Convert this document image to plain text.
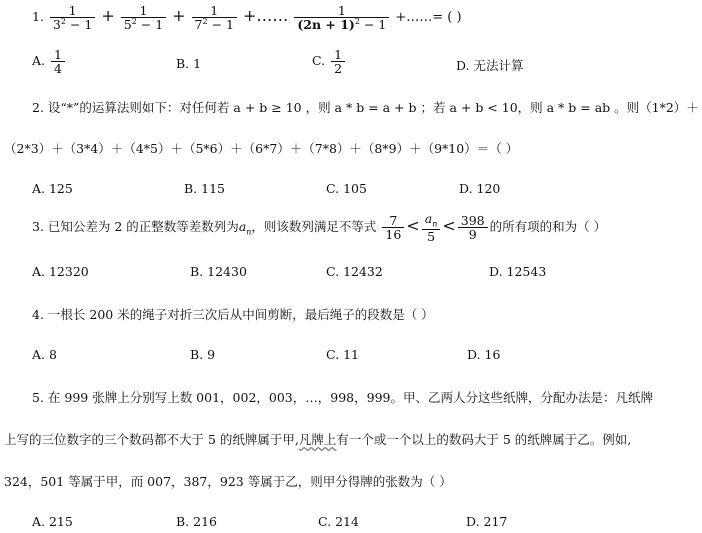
1. $\frac{1}{3^2 - 1} + \frac{1}{5^2 - 1} + \frac{1}{7^2 - 1}$ +…… $\frac{1}{(2n + 1)^2 - 1}$ +……= ( )
A. $\frac{1}{4}$	B. 1	C. $\frac{1}{2}$	D. 无法计算
2. 设“*”的运算法则如下：对任何若 a + b ≥ 10 ，则 a * b = a + b ；若 a + b < 10，则 a * b = ab 。则（1*2）＋
（2*3）＋（3*4）＋（4*5）＋（5*6）＋（6*7）＋（7*8）＋（8*9）＋（9*10）＝（ ）
A. 125	B. 115	C. 105	D. 120
3. 已知公差为 2 的正整数等差数列为$a_n$，则该数列满足不等式 $\frac{7}{16} < \frac{a_n}{5} < \frac{398}{9}$ 的所有项的和为（ ）
A. 12320	B. 12430	C. 12432	D. 12543
4. 一根长 200 米的绳子对折三次后从中间剪断，最后绳子的段数是（ ）
A. 8	B. 9	C. 11	D. 16
5. 在 999 张牌上分别写上数 001，002，003，…，998，999。甲、乙两人分这些纸牌，分配办法是：凡纸牌
上写的三位数字的三个数码都不大于 5 的纸牌属于甲,凡牌上有一个或一个以上的数码大于 5 的纸牌属于乙。例如,
324，501 等属于甲，而 007，387，923 等属于乙，则甲分得牌的张数为（ ）
A. 215	B. 216	C. 214	D. 217
